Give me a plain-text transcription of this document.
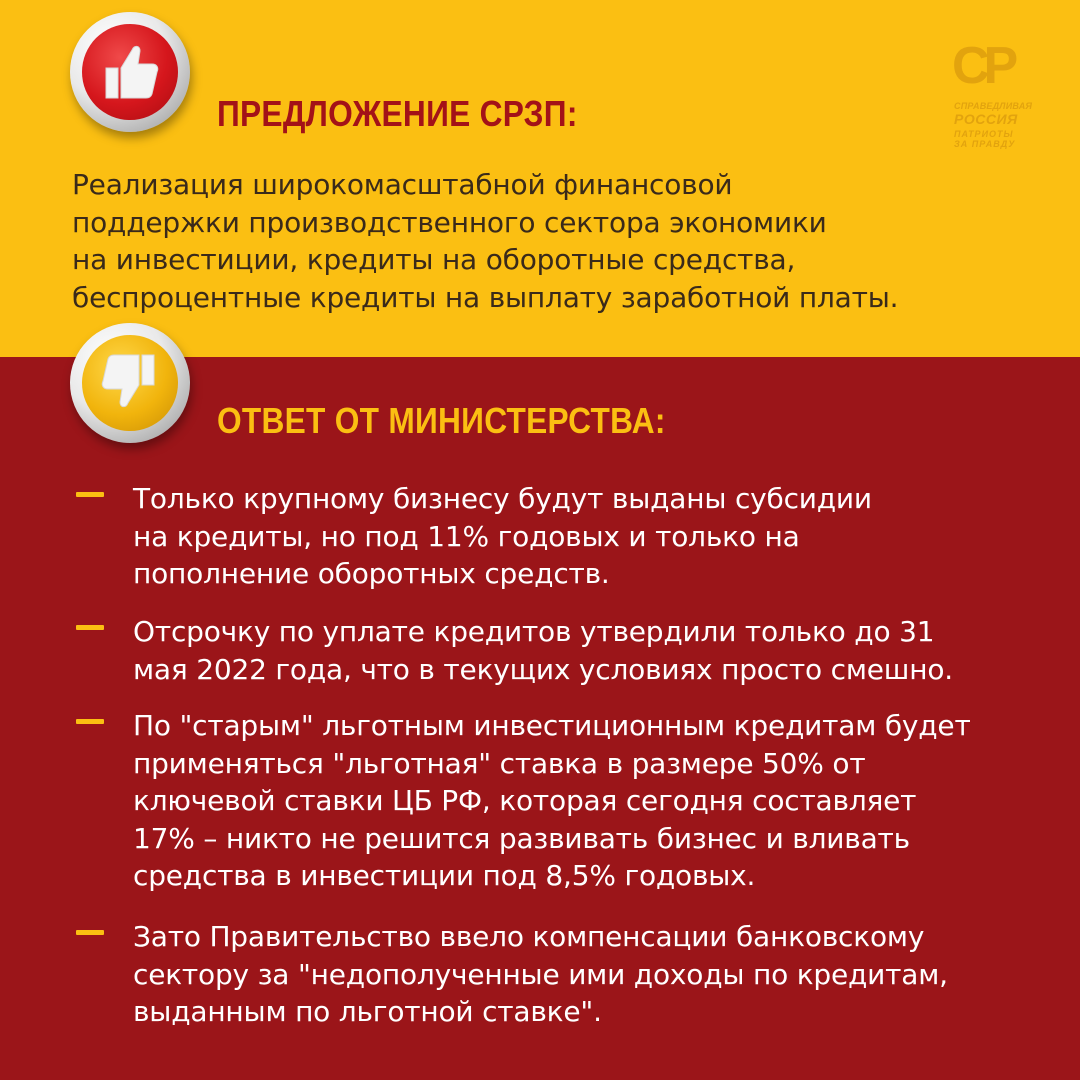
ПРЕДЛОЖЕНИЕ СРЗП:
СР
СПРАВЕДЛИВАЯ
РОССИЯ
ПАТРИОТЫ
ЗА ПРАВДУ
Реализация широкомасштабной финансовой
поддержки производственного сектора экономики
на инвестиции, кредиты на оборотные средства,
беспроцентные кредиты на выплату заработной платы.
ОТВЕТ ОТ МИНИСТЕРСТВА:
Только крупному бизнесу будут выданы субсидии
на кредиты, но под 11% годовых и только на
пополнение оборотных средств.
Отсрочку по уплате кредитов утвердили только до 31
мая 2022 года, что в текущих условиях просто смешно.
По "старым" льготным инвестиционным кредитам будет
применяться "льготная" ставка в размере 50% от
ключевой ставки ЦБ РФ, которая сегодня составляет
17% – никто не решится развивать бизнес и вливать
средства в инвестиции под 8,5% годовых.
Зато Правительство ввело компенсации банковскому
сектору за "недополученные ими доходы по кредитам,
выданным по льготной ставке".
